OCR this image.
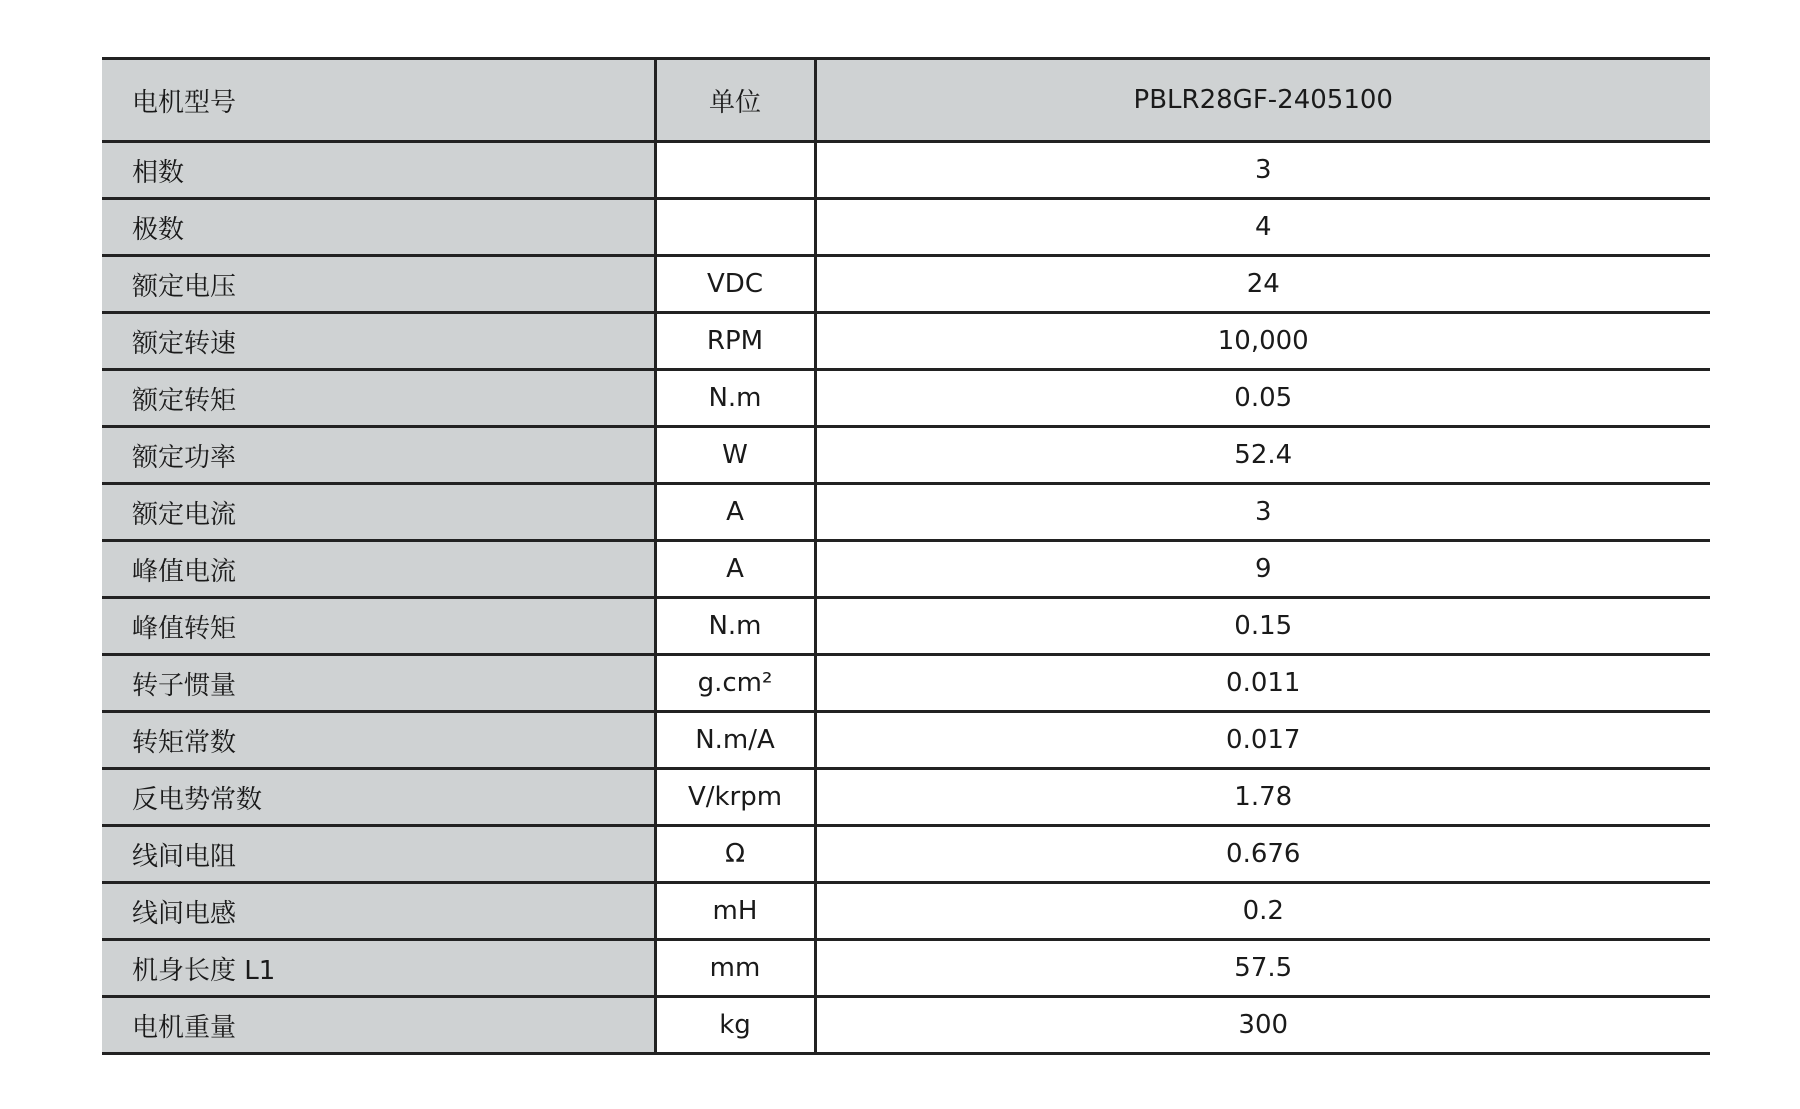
电机型号	单位	PBLR28GF-2405100
相数		3
极数		4
额定电压	VDC	24
额定转速	RPM	10,000
额定转矩	N.m	0.05
额定功率	W	52.4
额定电流	A	3
峰值电流	A	9
峰值转矩	N.m	0.15
转子惯量	g.cm²	0.011
转矩常数	N.m/A	0.017
反电势常数	V/krpm	1.78
线间电阻	Ω	0.676
线间电感	mH	0.2
机身长度 L1	mm	57.5
电机重量	kg	300
